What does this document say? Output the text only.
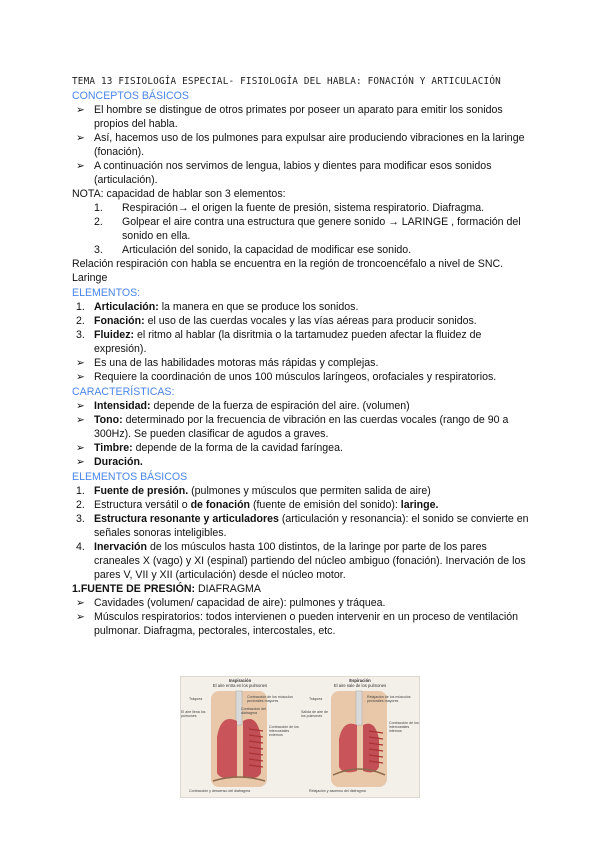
TEMA 13 FISIOLOGÍA ESPECIAL- FISIOLOGÍA DEL HABLA: FONACIÓN Y ARTICULACIÓN
CONCEPTOS BÁSICOS
➢ El hombre se distingue de otros primates por poseer un aparato para emitir los sonidos propios del habla.
➢ Así, hacemos uso de los pulmones para expulsar aire produciendo vibraciones en la laringe (fonación).
➢ A continuación nos servimos de lengua, labios y dientes para modificar esos sonidos (articulación).
NOTA: capacidad de hablar son 3 elementos:
1. Respiración→ el origen la fuente de presión, sistema respiratorio. Diafragma.
2. Golpear el aire contra una estructura que genere sonido → LARINGE , formación del sonido en ella.
3. Articulación del sonido, la capacidad de modificar ese sonido.
Relación respiración con habla se encuentra en la región de troncoencéfalo a nivel de SNC. Laringe
ELEMENTOS:
1. Articulación: la manera en que se produce los sonidos.
2. Fonación: el uso de las cuerdas vocales y las vías aéreas para producir sonidos.
3. Fluidez: el ritmo al hablar (la disritmia o la tartamudez pueden afectar la fluidez de expresión).
➢ Es una de las habilidades motoras más rápidas y complejas.
➢ Requiere la coordinación de unos 100 músculos laríngeos, orofaciales y respiratorios.
CARACTERÍSTICAS:
➢ Intensidad: depende de la fuerza de espiración del aire. (volumen)
➢ Tono: determinado por la frecuencia de vibración en las cuerdas vocales (rango de 90 a 300Hz). Se pueden clasificar de agudos a graves.
➢ Timbre: depende de la forma de la cavidad faríngea.
➢ Duración.
ELEMENTOS BÁSICOS
1. Fuente de presión. (pulmones y músculos que permiten salida de aire)
2. Estructura versátil o de fonación (fuente de emisión del sonido): laringe.
3. Estructura resonante y articuladores (articulación y resonancia): el sonido se convierte en señales sonoras inteligibles.
4. Inervación de los músculos hasta 100 distintos, de la laringe por parte de los pares craneales X (vago) y XI (espinal) partiendo del núcleo ambiguo (fonación). Inervación de los pares V, VII y XII (articulación) desde el núcleo motor.
1.FUENTE DE PRESIÓN: DIAFRAGMA
➢ Cavidades (volumen/ capacidad de aire): pulmones y tráquea.
➢ Músculos respiratorios: todos intervienen o pueden intervenir en un proceso de ventilación pulmonar. Diafragma, pectorales, intercostales, etc.
Inspiración
El aire entra en los pulmones
Tráquea	Contracción de los músculos pectorales mayores
El aire llena los pulmones
Contracción de los intercostales externos
Contracción del diafragma
Contracción y descenso del diafragma
Espiración
El aire sale de los pulmones
Tráquea	Relajación de los músculos pectorales mayores
Salida de aire de los pulmones
Contracción de los intercostales internos
Relajación y ascenso del diafragma
